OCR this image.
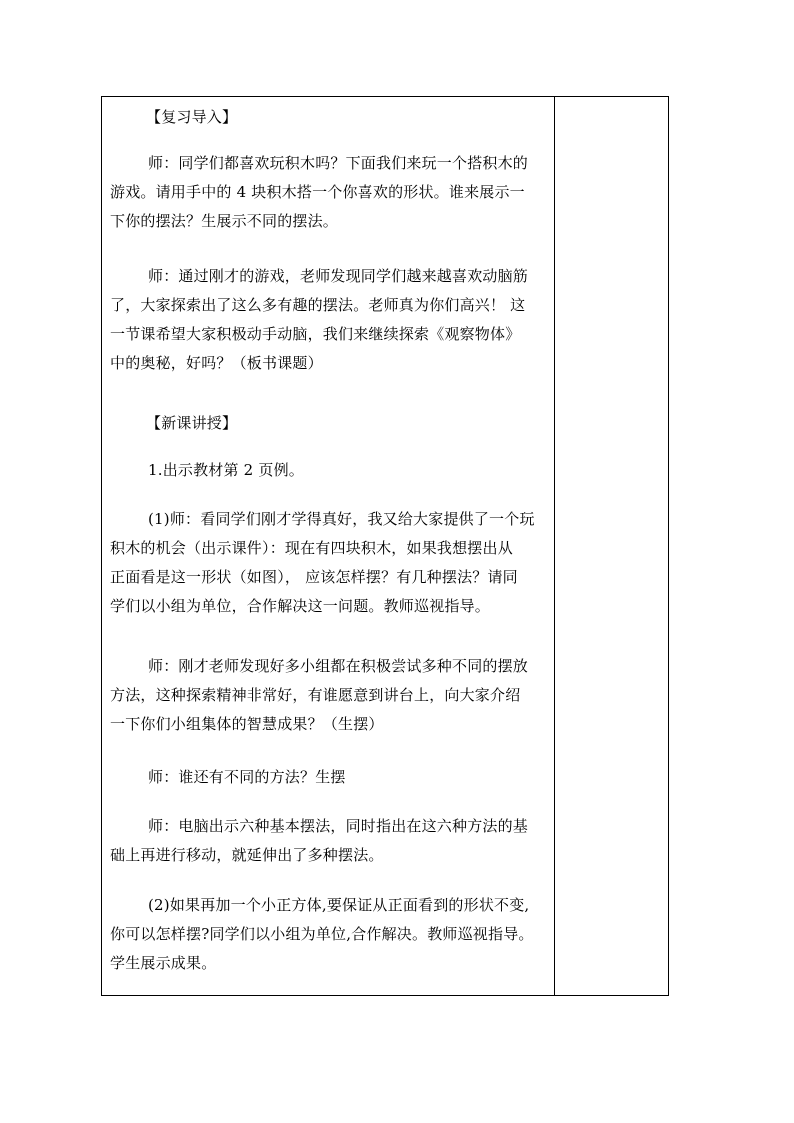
【复习导入】
师：同学们都喜欢玩积木吗？下面我们来玩一个搭积木的
游戏。请用手中的 4 块积木搭一个你喜欢的形状。谁来展示一
下你的摆法？生展示不同的摆法。
师：通过刚才的游戏，老师发现同学们越来越喜欢动脑筋
了，大家探索出了这么多有趣的摆法。老师真为你们高兴！ 这
一节课希望大家积极动手动脑，我们来继续探索《观察物体》
中的奥秘，好吗？（板书课题）
【新课讲授】
1.出示教材第 2 页例。
(1)师：看同学们刚才学得真好，我又给大家提供了一个玩
积木的机会（出示课件）：现在有四块积木，如果我想摆出从
正面看是这一形状（如图）， 应该怎样摆？有几种摆法？请同
学们以小组为单位，合作解决这一问题。教师巡视指导。
师：刚才老师发现好多小组都在积极尝试多种不同的摆放
方法，这种探索精神非常好，有谁愿意到讲台上，向大家介绍
一下你们小组集体的智慧成果？（生摆）
师：谁还有不同的方法？生摆
师：电脑出示六种基本摆法，同时指出在这六种方法的基
础上再进行移动，就延伸出了多种摆法。
(2)如果再加一个小正方体,要保证从正面看到的形状不变,
你可以怎样摆?同学们以小组为单位,合作解决。教师巡视指导。
学生展示成果。
